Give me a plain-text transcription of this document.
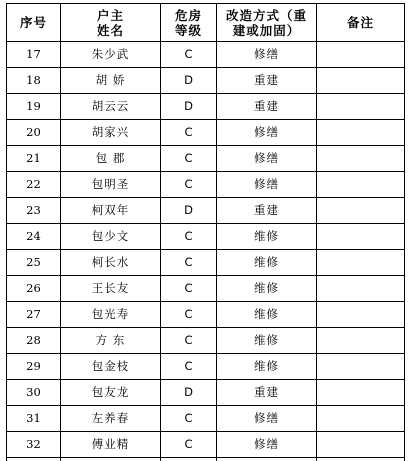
序号	户主姓名	危房等级	改造方式（重建或加固）	备注
17	朱少武	C	修缮	
18	胡 娇	D	重建	
19	胡云云	D	重建	
20	胡家兴	C	修缮	
21	包 郡	C	修缮	
22	包明圣	C	修缮	
23	柯双年	D	重建	
24	包少文	C	维修	
25	柯长水	C	维修	
26	王长友	C	维修	
27	包光寿	C	维修	
28	方 东	C	维修	
29	包金枝	C	维修	
30	包友龙	D	重建	
31	左养春	C	修缮	
32	傅业精	C	修缮	
